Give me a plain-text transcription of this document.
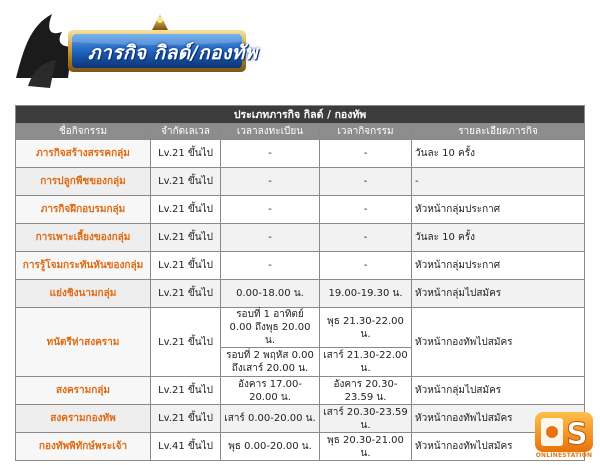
ภารกิจ กิลด์/กองทัพ
ประเภทภารกิจ กิลด์ / กองทัพ				
ชื่อกิจกรรม	จำกัดเลเวล	เวลาลงทะเบียน	เวลากิจกรรม	รายละเอียดภารกิจ
ภารกิจสร้างสรรคกลุ่ม	Lv.21 ขึ้นไป	-	-	วันละ 10 ครั้ง
การปลูกพืชของกลุ่ม	Lv.21 ขึ้นไป	-	-	-
ภารกิจฝึกอบรมกลุ่ม	Lv.21 ขึ้นไป	-	-	หัวหน้ากลุ่มประกาศ
การเพาะเลี้ยงของกลุ่ม	Lv.21 ขึ้นไป	-	-	วันละ 10 ครั้ง
การรู้โจมกระทันหันของกลุ่ม	Lv.21 ขึ้นไป	-	-	หัวหน้ากลุ่มประกาศ
แย่งชิงนามกลุ่ม	Lv.21 ขึ้นไป	0.00-18.00 น.	19.00-19.30 น.	หัวหน้ากลุ่มไปสมัคร
ทนัตรีห่าสงคราม	Lv.21 ขึ้นไป	รอบที่ 1 อาทิตย์ 0.00 ถึงพุธ 20.00 น.	พุธ 21.30-22.00 น.	หัวหน้ากองทัพไปสมัคร
		รอบที่ 2 พฤหัส 0.00 ถึงเสาร์ 20.00 น.	เสาร์ 21.30-22.00 น.	
สงครามกลุ่ม	Lv.21 ขึ้นไป	อังคาร 17.00-20.00 น.	อังคาร 20.30-23.59 น.	หัวหน้ากลุ่มไปสมัคร
สงครามกองทัพ	Lv.21 ขึ้นไป	เสาร์ 0.00-20.00 น.	เสาร์ 20.30-23.59 น.	หัวหน้ากองทัพไปสมัคร
กองทัพพิทักษ์พระเจ้า	Lv.41 ขึ้นไป	พุธ 0.00-20.00 น.	พุธ 20.30-21.00 น.	หัวหน้ากองทัพไปสมัคร S
ONLINESTATION
